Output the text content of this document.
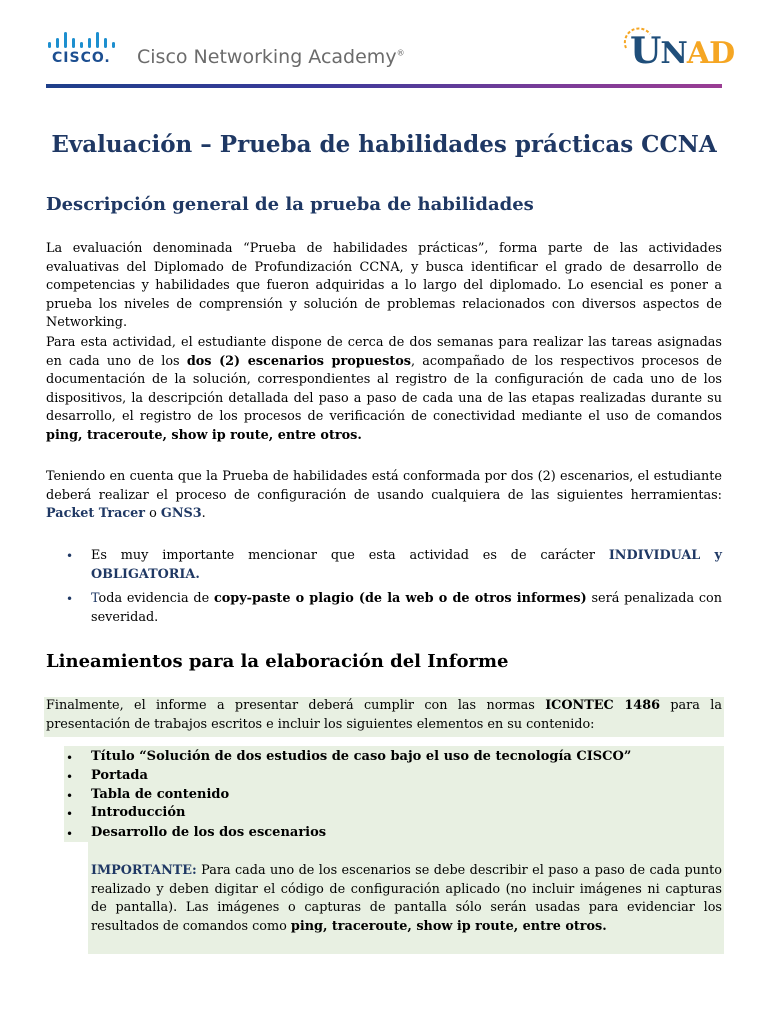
CISCO. Cisco Networking Academy®	UNAD
Evaluación – Prueba de habilidades prácticas CCNA
Descripción general de la prueba de habilidades

La evaluación denominada “Prueba de habilidades prácticas”, forma parte de las actividades evaluativas del Diplomado de Profundización CCNA, y busca identificar el grado de desarrollo de competencias y habilidades que fueron adquiridas a lo largo del diplomado. Lo esencial es poner a prueba los niveles de comprensión y solución de problemas relacionados con diversos aspectos de Networking.

Para esta actividad, el estudiante dispone de cerca de dos semanas para realizar las tareas asignadas en cada uno de los dos (2) escenarios propuestos, acompañado de los respectivos procesos de documentación de la solución, correspondientes al registro de la configuración de cada uno de los dispositivos, la descripción detallada del paso a paso de cada una de las etapas realizadas durante su desarrollo, el registro de los procesos de verificación de conectividad mediante el uso de comandos ping, traceroute, show ip route, entre otros.

Teniendo en cuenta que la Prueba de habilidades está conformada por dos (2) escenarios, el estudiante deberá realizar el proceso de configuración de usando cualquiera de las siguientes herramientas: Packet Tracer o GNS3.

• Es muy importante mencionar que esta actividad es de carácter INDIVIDUAL y OBLIGATORIA.

• Toda evidencia de copy-paste o plagio (de la web o de otros informes) será penalizada con severidad.

Lineamientos para la elaboración del Informe

Finalmente, el informe a presentar deberá cumplir con las normas ICONTEC 1486 para la presentación de trabajos escritos e incluir los siguientes elementos en su contenido:

• Título “Solución de dos estudios de caso bajo el uso de tecnología CISCO”
• Portada
• Tabla de contenido
• Introducción
• Desarrollo de los dos escenarios

IMPORTANTE: Para cada uno de los escenarios se debe describir el paso a paso de cada punto realizado y deben digitar el código de configuración aplicado (no incluir imágenes ni capturas de pantalla). Las imágenes o capturas de pantalla sólo serán usadas para evidenciar los resultados de comandos como ping, traceroute, show ip route, entre otros.
